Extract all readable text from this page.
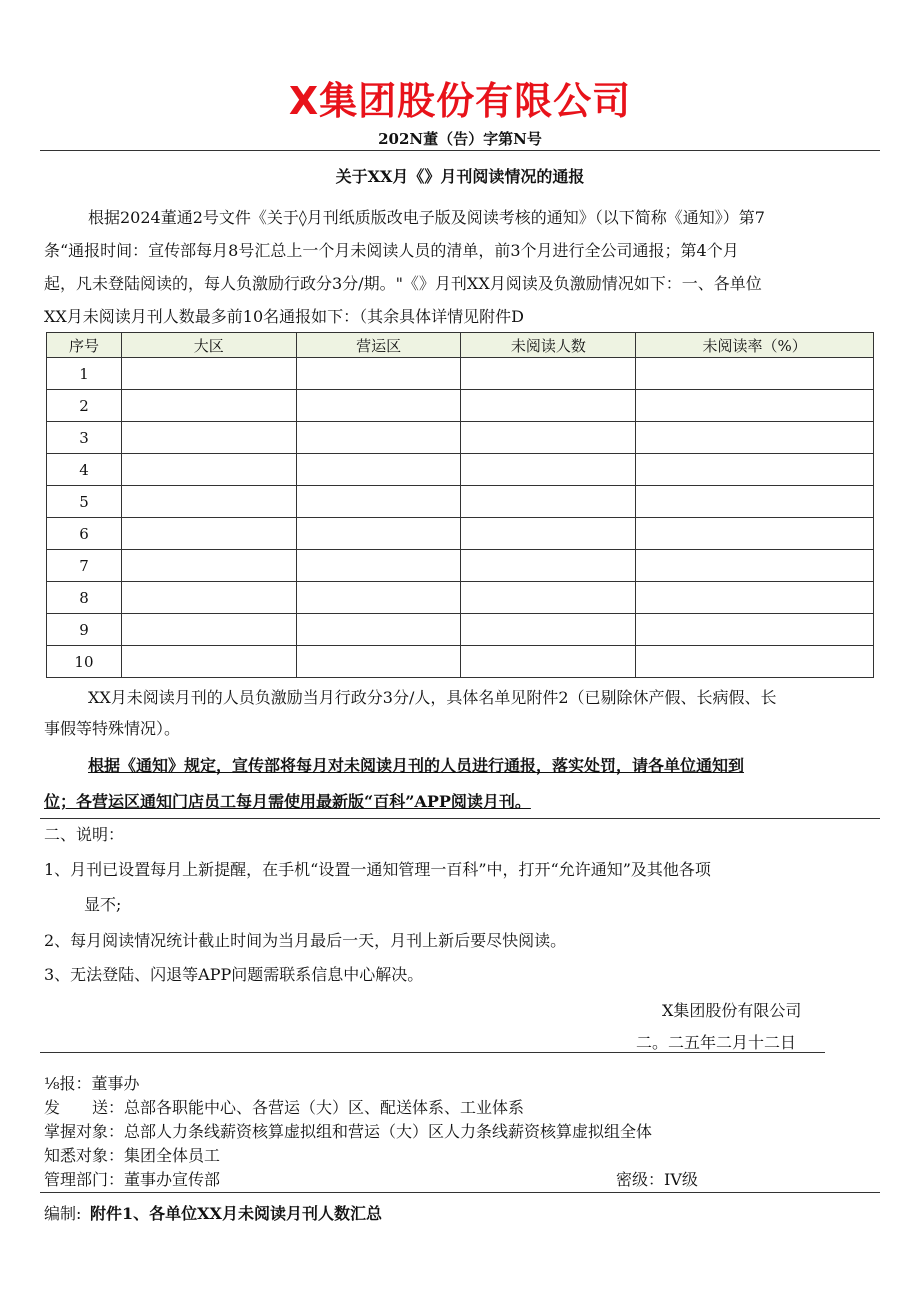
X集团股份有限公司
202N董（告）字第N号
关于XX月《》月刊阅读情况的通报
根据2024董通2号文件《关于◊月刊纸质版改电子版及阅读考核的通知》（以下简称《通知》）第7
条“通报时间：宣传部每月8号汇总上一个月未阅读人员的清单，前3个月进行全公司通报；第4个月
起，凡未登陆阅读的，每人负激励行政分3分/期。"《》月刊XX月阅读及负激励情况如下：一、各单位
XX月未阅读月刊人数最多前10名通报如下：（其余具体详情见附件D
序号	大区	营运区	未阅读人数	未阅读率（%）
1				
2				
3				
4				
5				
6				
7				
8				
9				
10				
XX月未阅读月刊的人员负激励当月行政分3分/人，具体名单见附件2（已剔除休产假、长病假、长
事假等特殊情况）。
根据《通知》规定，宣传部将每月对未阅读月刊的人员进行通报，落实处罚，请各单位通知到
位；各营运区通知门店员工每月需使用最新版“百科”APP阅读月刊。
二、说明：
1、月刊已设置每月上新提醒，在手机“设置一通知管理一百科”中，打开“允许通知”及其他各项
显不;
2、每月阅读情况统计截止时间为当月最后一天，月刊上新后要尽快阅读。
3、无法登陆、闪退等APP问题需联系信息中心解决。
X集团股份有限公司
二。二五年二月十二日
⅛报：董事办
发　　送： 总部各职能中心、各营运（大）区、配送体系、工业体系
掌握对象： 总部人力条线薪资核算虚拟组和营运（大）区人力条线薪资核算虚拟组全体
知悉对象： 集团全体员工
管理部门： 董事办宣传部	密级：IV级
编制: 附件1、各单位XX月未阅读月刊人数汇总
